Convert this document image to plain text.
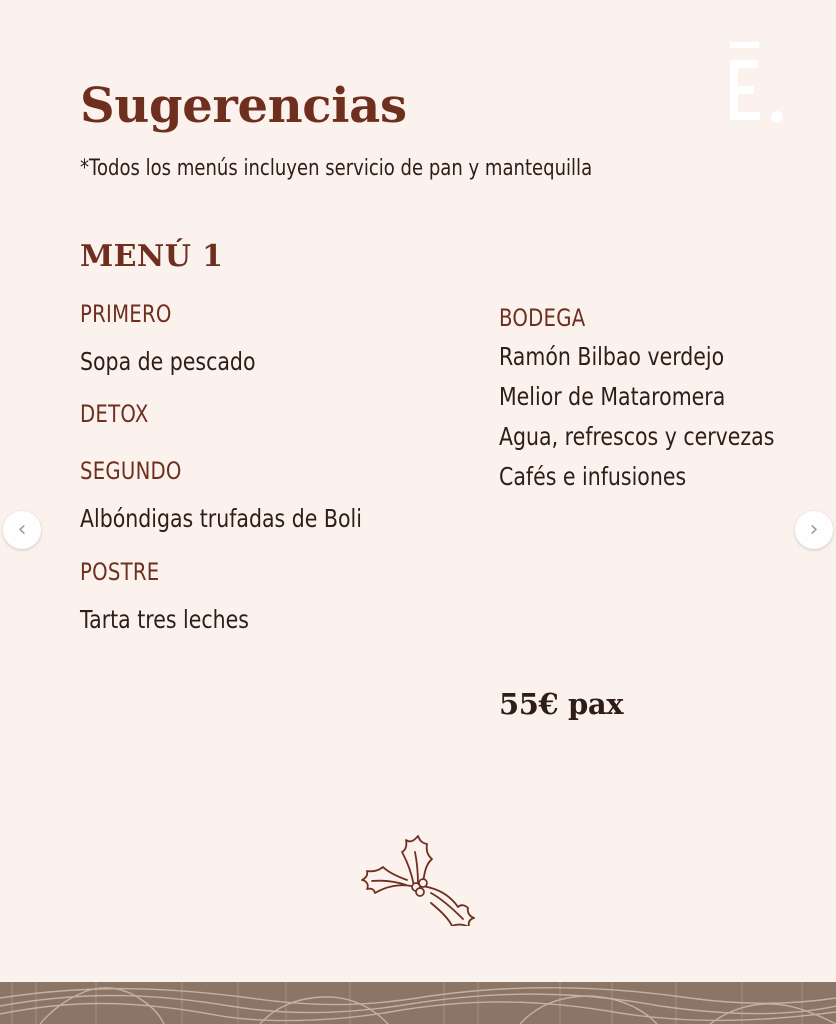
Sugerencias

*Todos los menús incluyen servicio de pan y mantequilla

MENÚ 1

PRIMERO

Sopa de pescado

DETOX

SEGUNDO

Albóndigas trufadas de Boli

POSTRE

Tarta tres leches

BODEGA

Ramón Bilbao verdejo
Melior de Mataromera
Agua, refrescos y cervezas
Cafés e infusiones

55€ pax

‹	›
